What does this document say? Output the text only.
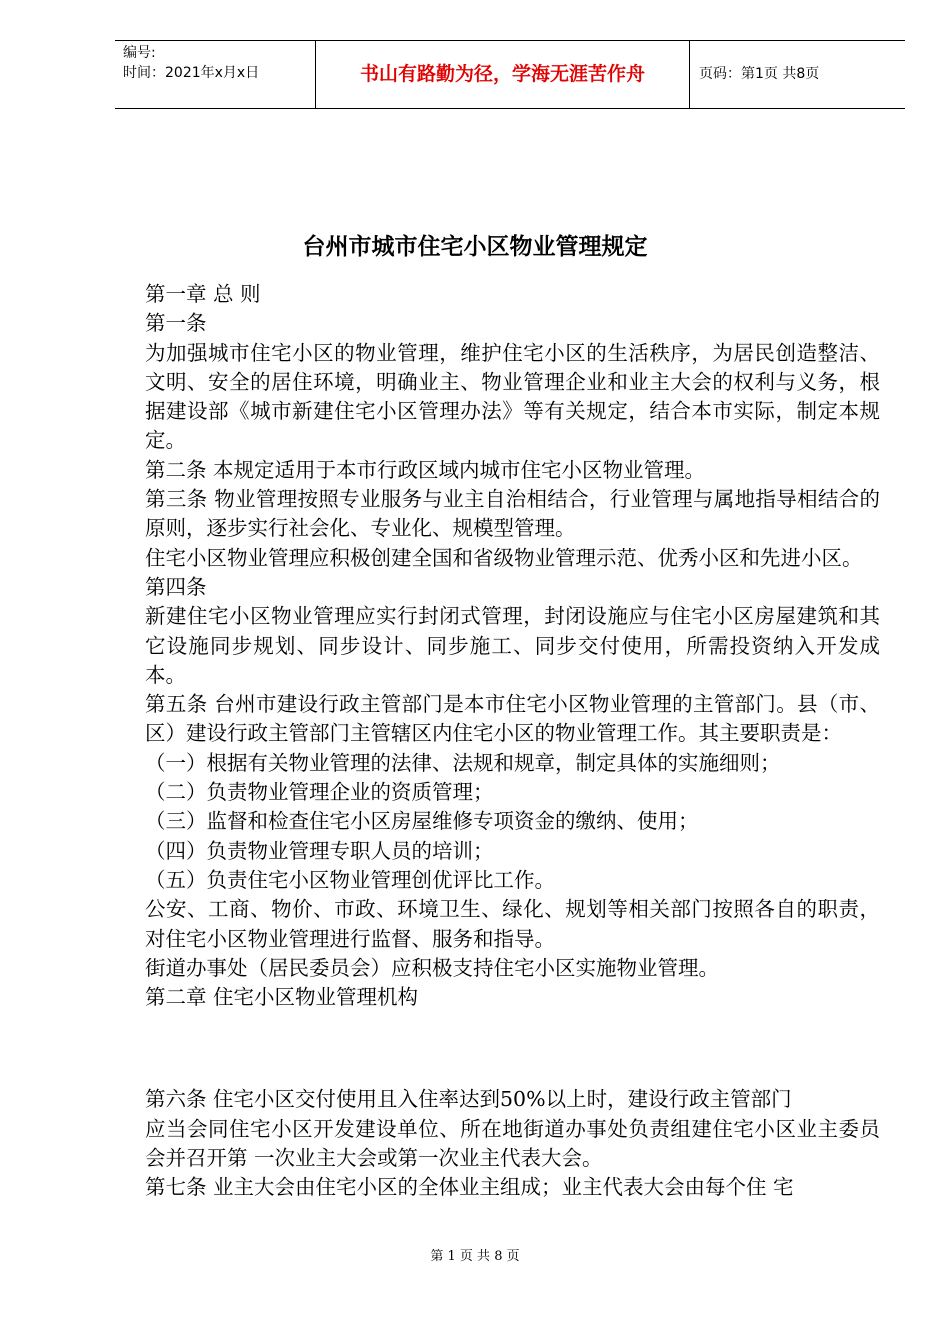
编号:
时间：2021年x月x日	书山有路勤为径，学海无涯苦作舟	页码：第1页 共8页
台州市城市住宅小区物业管理规定

第一章 总 则

第一条

为加强城市住宅小区的物业管理，维护住宅小区的生活秩序，为居民创造整洁、文明、安全的居住环境，明确业主、物业管理企业和业主大会的权利与义务，根据建设部《城市新建住宅小区管理办法》等有关规定，结合本市实际，制定本规定。

第二条 本规定适用于本市行政区域内城市住宅小区物业管理。

第三条 物业管理按照专业服务与业主自治相结合，行业管理与属地指导相结合的原则，逐步实行社会化、专业化、规模型管理。

住宅小区物业管理应积极创建全国和省级物业管理示范、优秀小区和先进小区。

第四条

新建住宅小区物业管理应实行封闭式管理，封闭设施应与住宅小区房屋建筑和其它设施同步规划、同步设计、同步施工、同步交付使用，所需投资纳入开发成本。

第五条 台州市建设行政主管部门是本市住宅小区物业管理的主管部门。县（市、区）建设行政主管部门主管辖区内住宅小区的物业管理工作。其主要职责是：

（一）根据有关物业管理的法律、法规和规章，制定具体的实施细则；

（二）负责物业管理企业的资质管理；

（三）监督和检查住宅小区房屋维修专项资金的缴纳、使用；

（四）负责物业管理专职人员的培训；

（五）负责住宅小区物业管理创优评比工作。

公安、工商、物价、市政、环境卫生、绿化、规划等相关部门按照各自的职责，对住宅小区物业管理进行监督、服务和指导。

街道办事处（居民委员会）应积极支持住宅小区实施物业管理。

第二章 住宅小区物业管理机构

第六条 住宅小区交付使用且入住率达到50%以上时，建设行政主管部门

应当会同住宅小区开发建设单位、所在地街道办事处负责组建住宅小区业主委员会并召开第 一次业主大会或第一次业主代表大会。

第七条 业主大会由住宅小区的全体业主组成；业主代表大会由每个住 宅

第 1 页 共 8 页
